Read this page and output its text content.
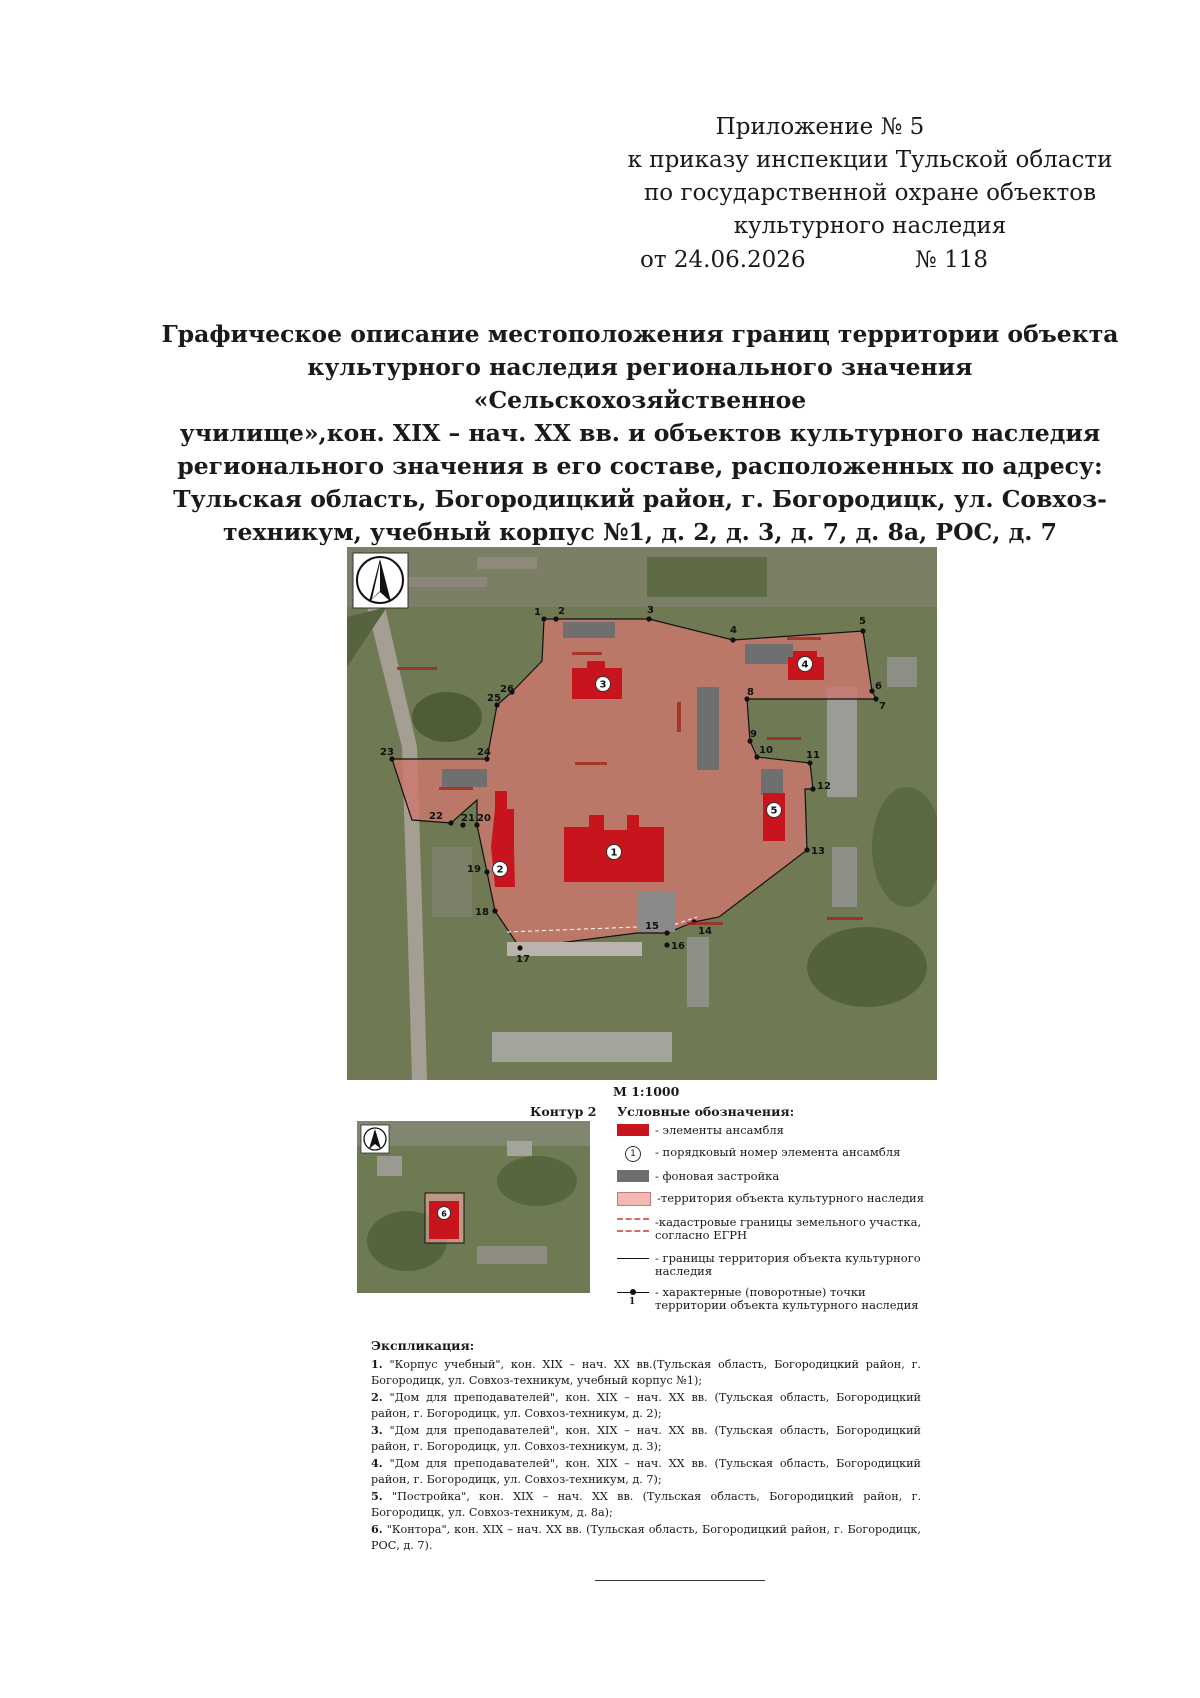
Приложение № 5
к приказу инспекции Тульской области
по государственной охране объектов
культурного наследия
от 24.06.2026	№ 118
Графическое описание местоположения границ территории объекта
культурного наследия регионального значения «Сельскохозяйственное
училище»,кон. XIX – нач. XX вв. и объектов культурного наследия
регионального значения в его составе, расположенных по адресу:
Тульская область, Богородицкий район, г. Богородицк, ул. Совхоз-
техникум, учебный корпус №1, д. 2, д. 3, д. 7, д. 8а, РОС, д. 7
1
2
3
4
5
1 2	3
4
5
6
7
8
9
10	11
12
13
14
15
16
17
18
19
20
21
22
23	24
25
26
М 1:1000
Контур 2
6
Условные обозначения:
- элементы ансамбля
1	- порядковый номер элемента ансамбля
- фоновая застройка
-территория объекта культурного наследия
-кадастровые границы земельного участка, согласно ЕГРН
- границы территория объекта культурного наследия
1
- характерные (поворотные) точки территории объекта культурного наследия
Экспликация:
1. "Корпус учебный", кон. XIX – нач. XX вв.(Тульская область, Богородицкий район, г. Богородицк, ул. Совхоз-техникум, учебный корпус №1);
2. "Дом для преподавателей", кон. XIX – нач. XX вв. (Тульская область, Богородицкий район, г. Богородицк, ул. Совхоз-техникум, д. 2);
3. "Дом для преподавателей", кон. XIX – нач. XX вв. (Тульская область, Богородицкий район, г. Богородицк, ул. Совхоз-техникум, д. 3);
4. "Дом для преподавателей", кон. XIX – нач. XX вв. (Тульская область, Богородицкий район, г. Богородицк, ул. Совхоз-техникум, д. 7);
5. "Постройка", кон. XIX – нач. XX вв. (Тульская область, Богородицкий район, г. Богородицк, ул. Совхоз-техникум, д. 8а);
6. "Контора", кон. XIX – нач. XX вв. (Тульская область, Богородицкий район, г. Богородицк, РОС, д. 7).
